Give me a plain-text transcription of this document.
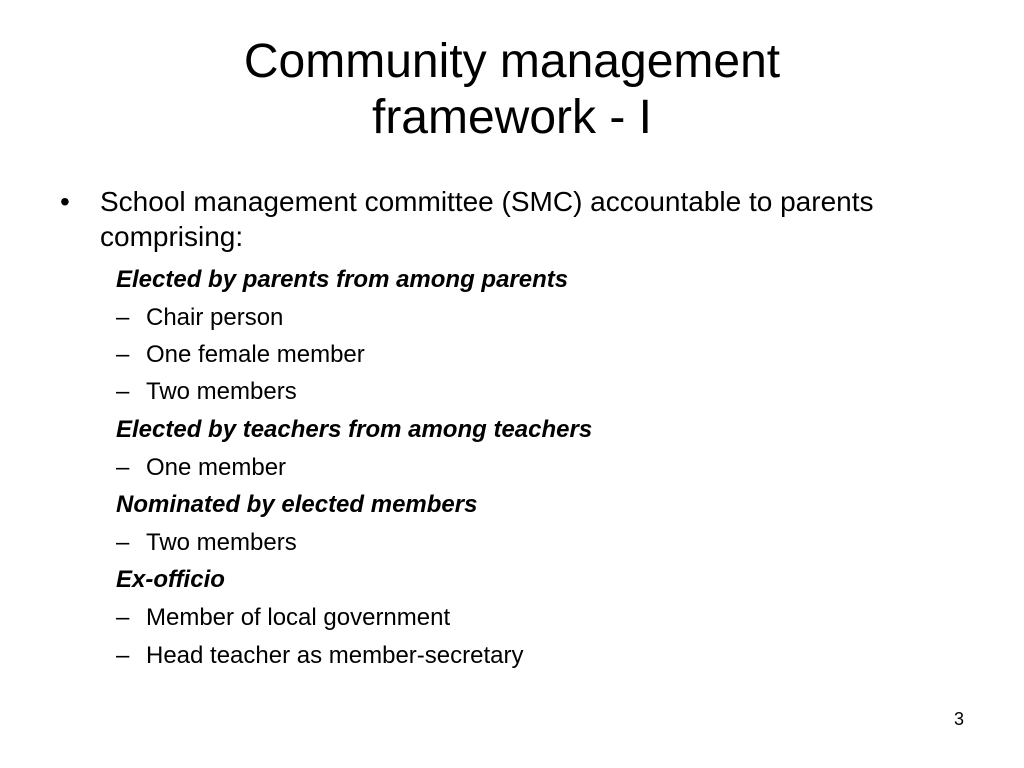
Community management
framework - I
• School management committee (SMC) accountable to parents comprising:
Elected by parents from among parents
– Chair person
– One female member
– Two members
Elected by teachers from among teachers
– One member
Nominated by elected members
– Two members
Ex-officio
– Member of local government
– Head teacher as member-secretary
3
